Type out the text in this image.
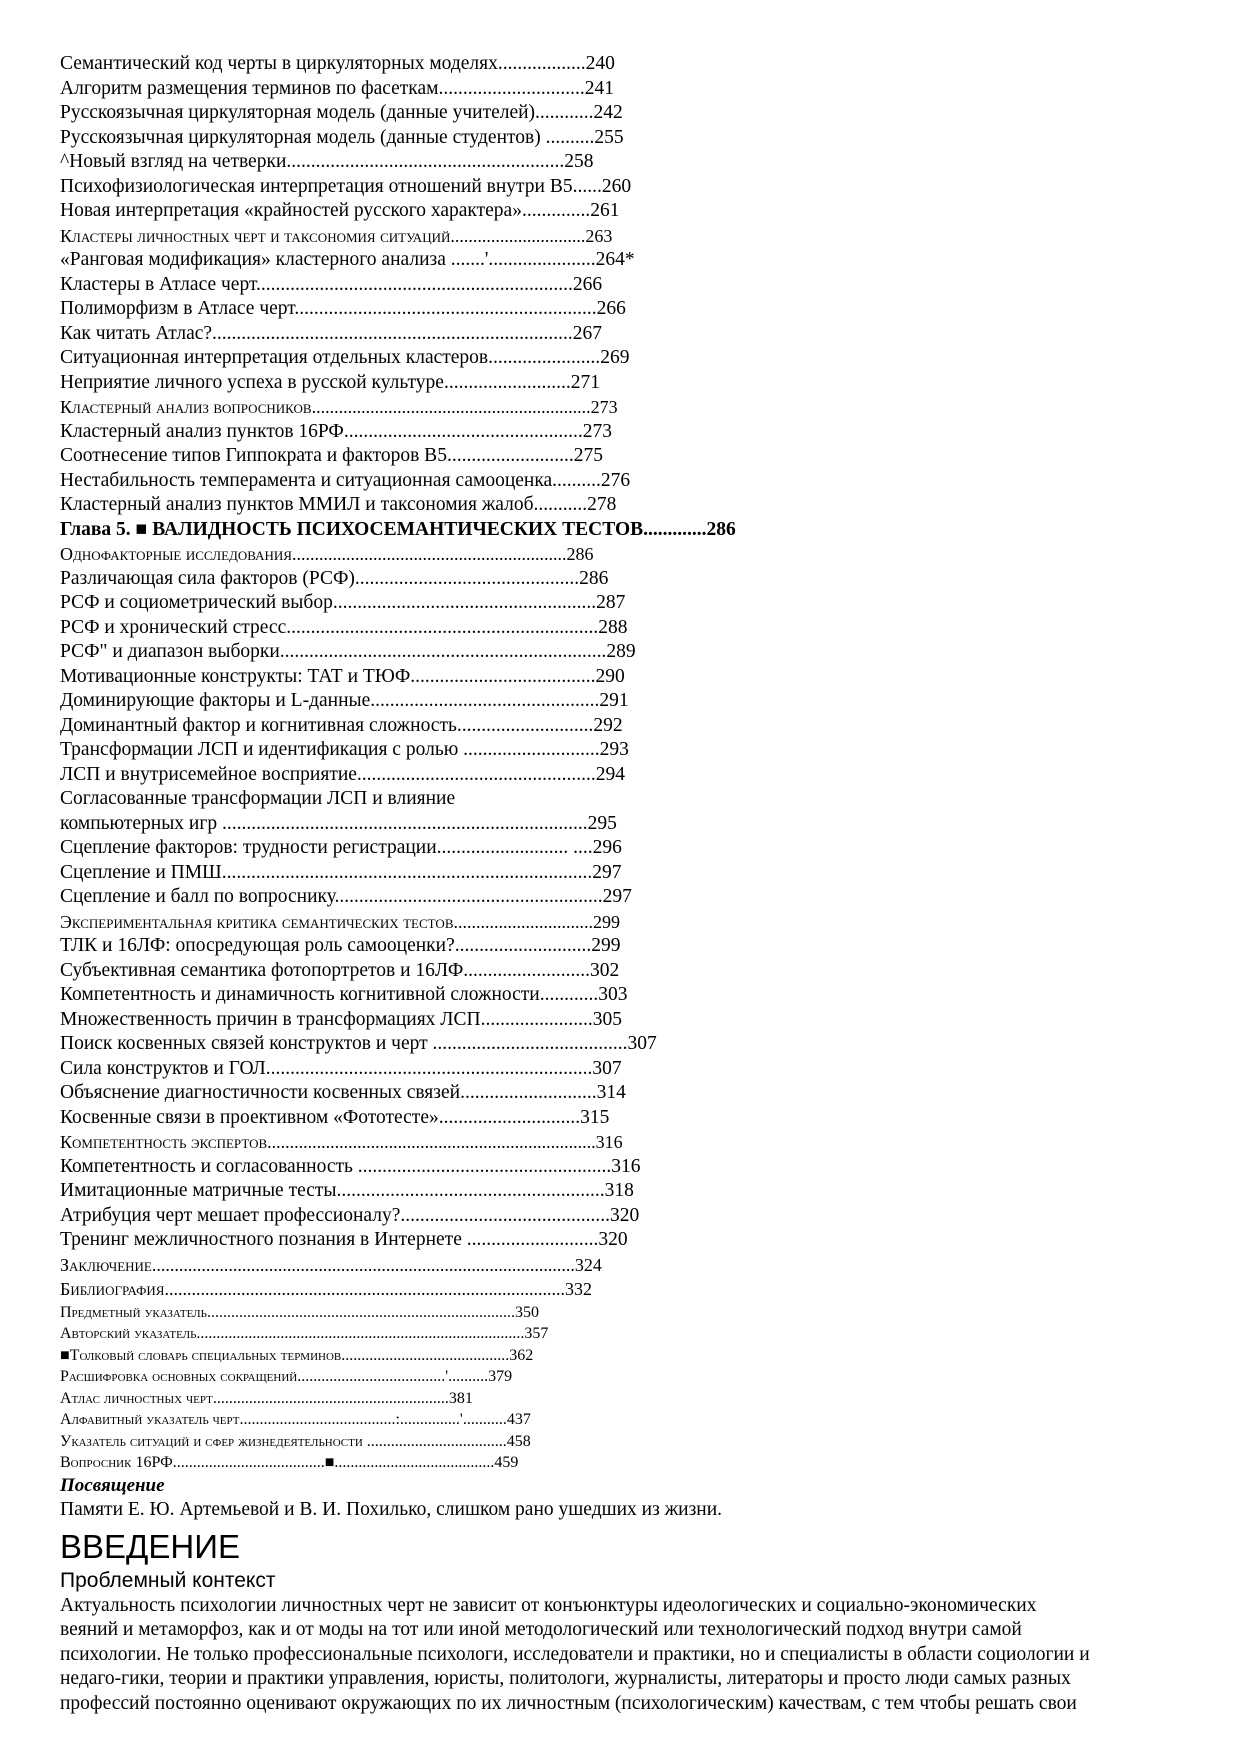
Семантический код черты в циркуляторных моделях..................240
Алгоритм размещения терминов по фасеткам..............................241
Русскоязычная циркуляторная модель (данные учителей)............242
Русскоязычная циркуляторная модель (данные студентов) ..........255
^Новый взгляд на четверки.........................................................258
Психофизиологическая интерпретация отношений внутри B5......260
Новая интерпретация «крайностей русского характера»..............261
Кластеры личностных черт и таксономия ситуаций..............................263
«Ранговая модификация» кластерного анализа .......'......................264*
Кластеры в Атласе черт.................................................................266
Полиморфизм в Атласе черт..............................................................266
Как читать Атлас?..........................................................................267
Ситуационная интерпретация отдельных кластеров.......................269
Неприятие личного успеха в русской культуре..........................271
Кластерный анализ вопросников..............................................................273
Кластерный анализ пунктов 16РФ.................................................273
Соотнесение типов Гиппократа и факторов B5..........................275
Нестабильность темперамента и ситуационная самооценка..........276
Кластерный анализ пунктов ММИЛ и таксономия жалоб...........278
Глава 5. ■ ВАЛИДНОСТЬ ПСИХОСЕМАНТИЧЕСКИХ ТЕСТОВ.............286
Однофакторные исследования.............................................................286
Различающая сила факторов (РСФ)..............................................286
РСФ и социометрический выбор......................................................287
РСФ и хронический стресс................................................................288
РСФ" и диапазон выборки...................................................................289
Мотивационные конструкты: ТАТ и ТЮФ......................................290
Доминирующие факторы и L-данные...............................................291
Доминантный фактор и когнитивная сложность............................292
Трансформации ЛСП и идентификация с ролью ............................293
ЛСП и внутрисемейное восприятие.................................................294
Согласованные трансформации ЛСП и влияние
компьютерных игр ...........................................................................295
Сцепление факторов: трудности регистрации........................... ....296
Сцепление и ПМШ............................................................................297
Сцепление и балл по вопроснику.......................................................297
Экспериментальная критика семантических тестов...............................299
ТЛК и 16ЛФ: опосредующая роль самооценки?............................299
Субъективная семантика фотопортретов и 16ЛФ..........................302
Компетентность и динамичность когнитивной сложности............303
Множественность причин в трансформациях ЛСП.......................305
Поиск косвенных связей конструктов и черт ........................................307
Сила конструктов и ГОЛ...................................................................307
Объяснение диагностичности косвенных связей............................314
Косвенные связи в проективном «Фототесте».............................315
Компетентность экспертов.........................................................................316
Компетентность и согласованность ....................................................316
Имитационные матричные тесты.......................................................318
Атрибуция черт мешает профессионалу?...........................................320
Тренинг межличностного познания в Интернете ...........................320
Заключение..............................................................................................324
Библиография.........................................................................................332
Предметный указатель.............................................................................350
Авторский указатель..................................................................................357
■Толковый словарь специальных терминов..........................................362
Расшифровка основных сокращений.....................................'..........379
Атлас личностных черт...........................................................381
Алфавитный указатель черт.......................................:...............'...........437
Указатель ситуаций и сфер жизнедеятельности ...................................458
Вопросник 16РФ......................................■........................................459
Посвящение
Памяти Е. Ю. Артемьевой и В. И. Похилько, слишком рано ушедших из жизни.
ВВЕДЕНИЕ
Проблемный контекст
Актуальность психологии личностных черт не зависит от конъюнктуры идеологических и социально-экономических
веяний и метаморфоз, как и от моды на тот или иной методологический или технологический подход внутри самой
психологии. Не только профессиональные психологи, исследователи и практики, но и специалисты в области социологии и
недаго-гики, теории и практики управления, юристы, политологи, журналисты, литераторы и просто люди самых разных
профессий постоянно оценивают окружающих по их личностным (психологическим) качествам, с тем чтобы решать свои
